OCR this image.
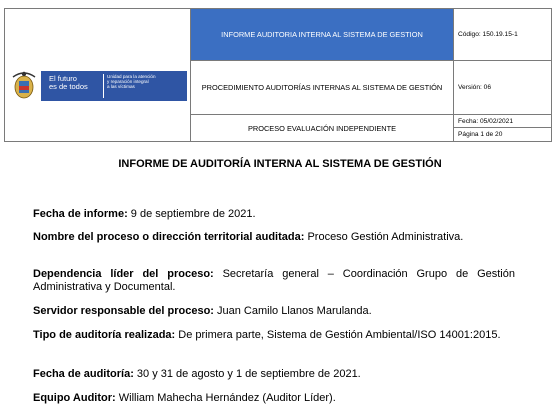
El futuro
es de todos
Unidad para la atención
y reparación integral
a las víctimas
INFORME AUDITORIA INTERNA AL SISTEMA DE GESTION
PROCEDIMIENTO AUDITORÍAS INTERNAS AL SISTEMA DE GESTIÓN
PROCESO EVALUACIÓN INDEPENDIENTE
Código: 150.19.15-1
Versión: 06
Fecha: 05/02/2021
Página 1 de 20
INFORME DE AUDITORÍA INTERNA AL SISTEMA DE GESTIÓN
Fecha de informe: 9 de septiembre de 2021.
Nombre del proceso o dirección territorial auditada: Proceso Gestión Administrativa.
Dependencia líder del proceso: Secretaría general – Coordinación Grupo de Gestión Administrativa y Documental.
Servidor responsable del proceso: Juan Camilo Llanos Marulanda.
Tipo de auditoría realizada: De primera parte, Sistema de Gestión Ambiental/ISO 14001:2015.
Fecha de auditoría: 30 y 31 de agosto y 1 de septiembre de 2021.
Equipo Auditor: William Mahecha Hernández (Auditor Líder).
